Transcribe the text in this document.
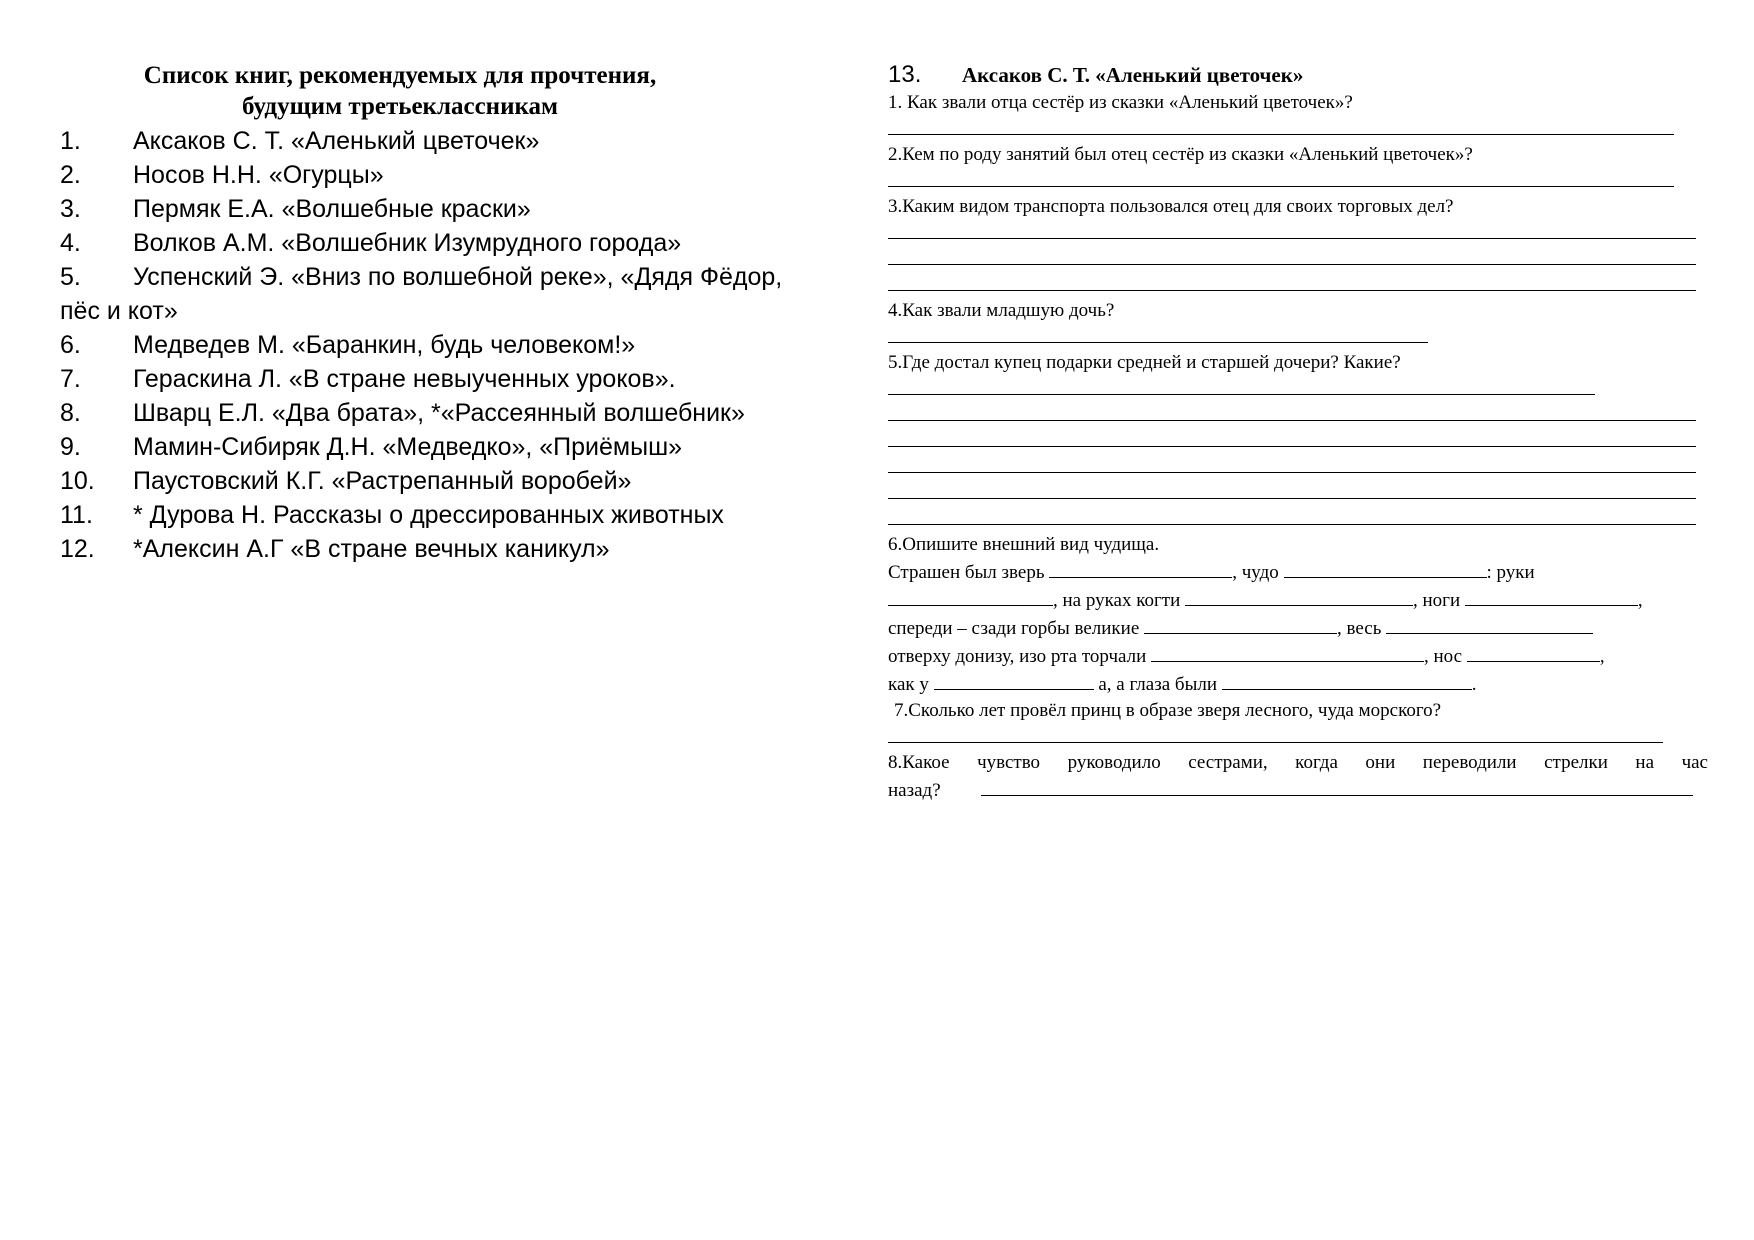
Список книг, рекомендуемых для прочтения,
будущим третьеклассникам
1. Аксаков С. Т. «Аленький цветочек»
2. Носов Н.Н. «Огурцы»
3. Пермяк Е.А. «Волшебные краски»
4. Волков А.М. «Волшебник Изумрудного города»
5. Успенский Э. «Вниз по волшебной реке», «Дядя Фёдор,
пёс и кот»
6. Медведев М. «Баранкин, будь человеком!»
7. Гераскина Л. «В стране невыученных уроков».
8. Шварц Е.Л. «Два брата», *«Рассеянный волшебник»
9. Мамин-Сибиряк Д.Н. «Медведко», «Приёмыш»
10. Паустовский К.Г. «Растрепанный воробей»
11. * Дурова Н. Рассказы о дрессированных животных
12. *Алексин А.Г «В стране вечных каникул»
13. Аксаков С. Т. «Аленький цветочек»
1. Как звали отца сестёр из сказки «Аленький цветочек»?
2.Кем по роду занятий был отец сестёр из сказки «Аленький цветочек»?
3.Каким видом транспорта пользовался отец для своих торговых дел?
4.Как звали младшую дочь?
5.Где достал купец подарки средней и старшей дочери? Какие?
6.Опишите внешний вид чудища.
Страшен был зверь	, чудо	: руки
, на руках когти	, ноги	,
спереди – сзади горбы великие	, весь
отверху донизу, изо рта торчали	, нос	,
как у	а, а глаза были	.
7.Сколько лет провёл принц в образе зверя лесного, чуда морского?
8.Какое чувство руководило сестрами, когда они переводили стрелки на час
назад?
